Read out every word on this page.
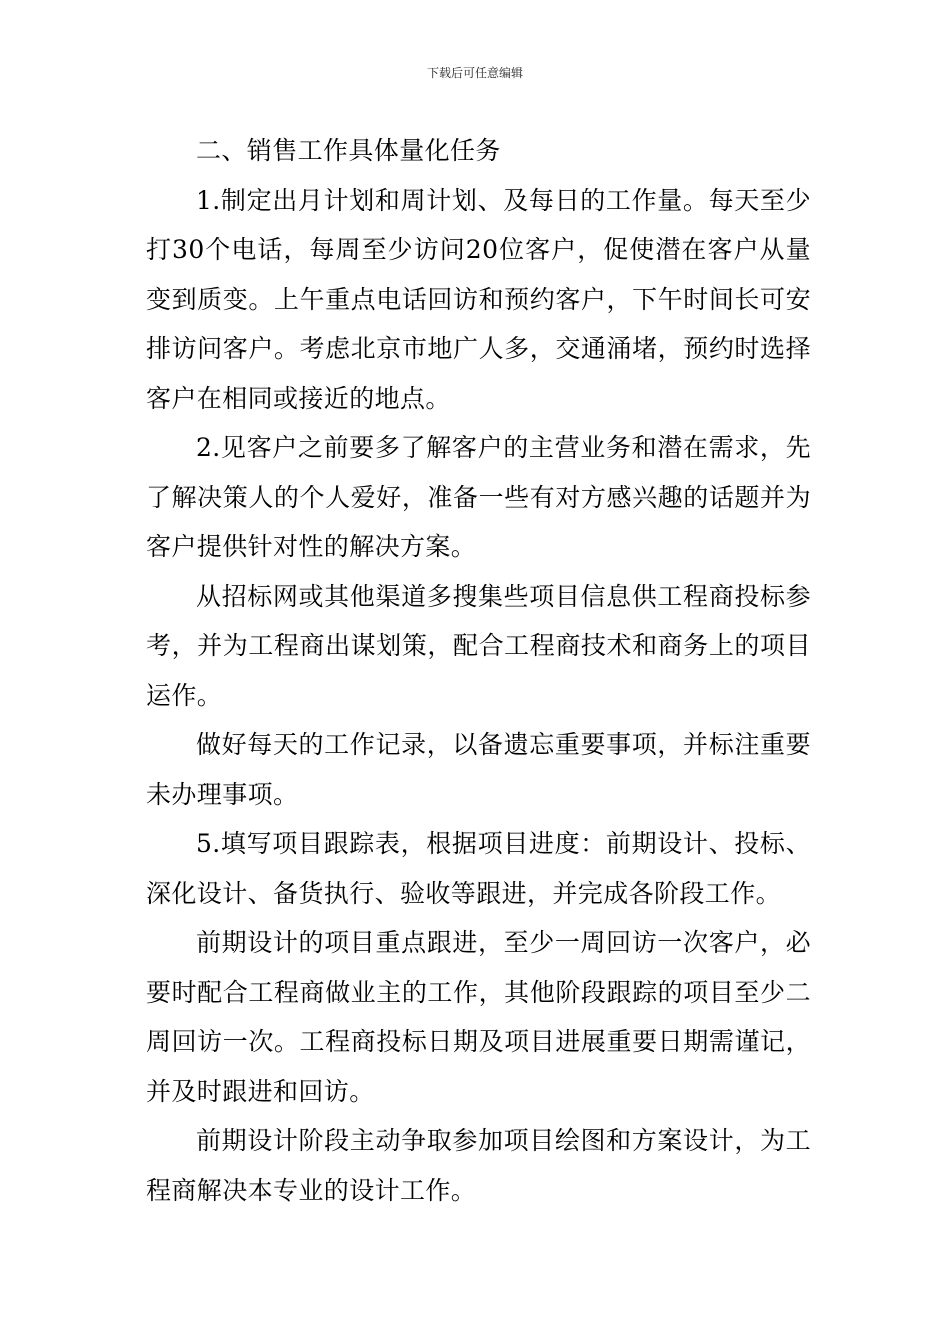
下载后可任意编辑

二、销售工作具体量化任务

1.制定出月计划和周计划、及每日的工作量。每天至少打30个电话，每周至少访问20位客户，促使潜在客户从量变到质变。上午重点电话回访和预约客户，下午时间长可安排访问客户。考虑北京市地广人多，交通涌堵，预约时选择客户在相同或接近的地点。

2.见客户之前要多了解客户的主营业务和潜在需求，先了解决策人的个人爱好，准备一些有对方感兴趣的话题并为客户提供针对性的解决方案。

从招标网或其他渠道多搜集些项目信息供工程商投标参考，并为工程商出谋划策，配合工程商技术和商务上的项目运作。

做好每天的工作记录，以备遗忘重要事项，并标注重要未办理事项。

5.填写项目跟踪表，根据项目进度：前期设计、投标、深化设计、备货执行、验收等跟进，并完成各阶段工作。

前期设计的项目重点跟进，至少一周回访一次客户，必要时配合工程商做业主的工作，其他阶段跟踪的项目至少二周回访一次。工程商投标日期及项目进展重要日期需谨记，并及时跟进和回访。

前期设计阶段主动争取参加项目绘图和方案设计，为工程商解决本专业的设计工作。
